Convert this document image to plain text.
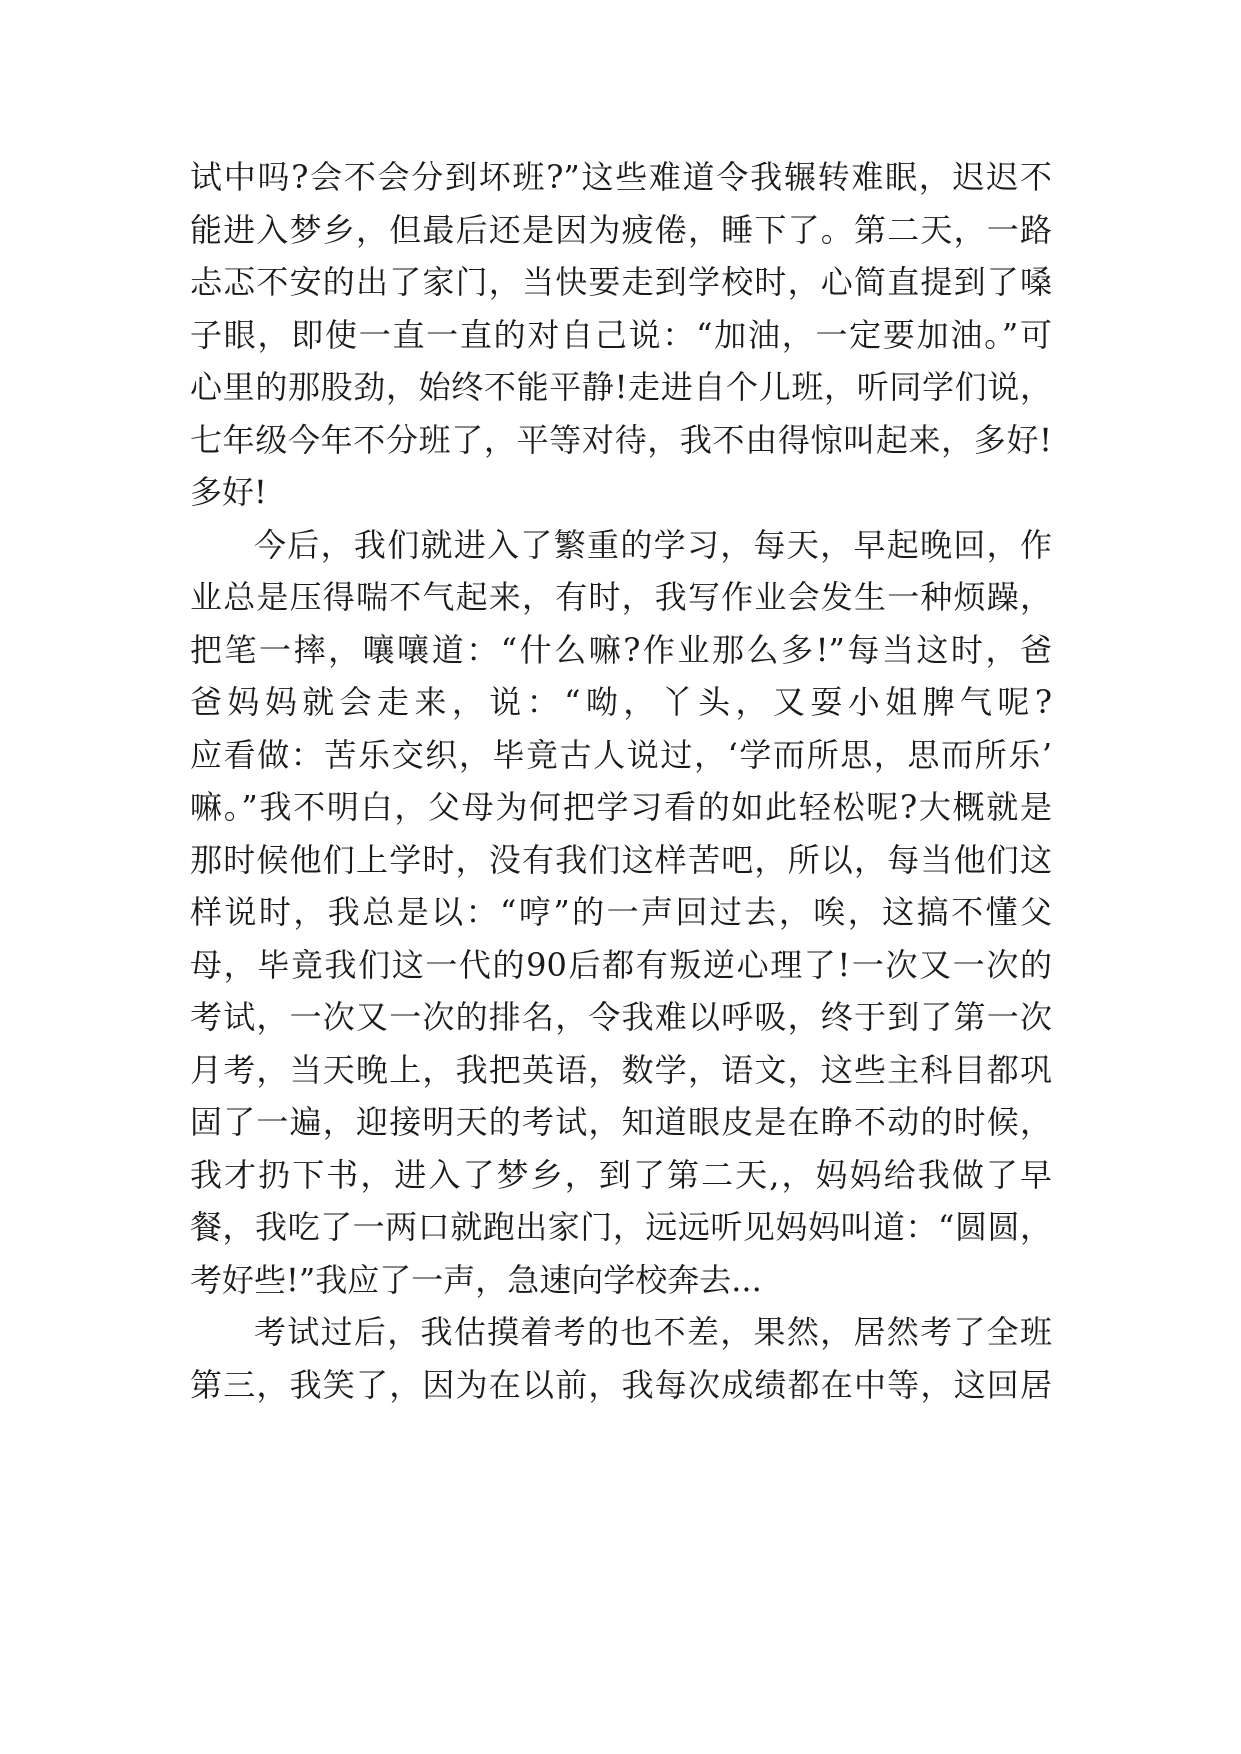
试中吗?会不会分到坏班?”这些难道令我辗转难眠，迟迟不
能进入梦乡，但最后还是因为疲倦，睡下了。第二天，一路
忐忑不安的出了家门，当快要走到学校时，心简直提到了嗓
子眼，即使一直一直的对自己说：“加油，一定要加油。”可
心里的那股劲，始终不能平静!走进自个儿班，听同学们说，
七年级今年不分班了，平等对待，我不由得惊叫起来，多好!
多好!
今后，我们就进入了繁重的学习，每天，早起晚回，作
业总是压得喘不气起来，有时，我写作业会发生一种烦躁，
把笔一摔，嚷嚷道：“什么嘛?作业那么多!”每当这时，爸
爸妈妈就会走来，说：“呦，丫头，又耍小姐脾气呢?
应看做：苦乐交织，毕竟古人说过，‘学而所思，思而所乐’
嘛。”我不明白，父母为何把学习看的如此轻松呢?大概就是
那时候他们上学时，没有我们这样苦吧，所以，每当他们这
样说时，我总是以：“哼”的一声回过去，唉，这搞不懂父
母，毕竟我们这一代的90后都有叛逆心理了!一次又一次的
考试，一次又一次的排名，令我难以呼吸，终于到了第一次
月考，当天晚上，我把英语，数学，语文，这些主科目都巩
固了一遍，迎接明天的考试，知道眼皮是在睁不动的时候，
我才扔下书，进入了梦乡，到了第二天,，妈妈给我做了早
餐，我吃了一两口就跑出家门，远远听见妈妈叫道：“圆圆，
考好些!”我应了一声，急速向学校奔去...
考试过后，我估摸着考的也不差，果然，居然考了全班
第三，我笑了，因为在以前，我每次成绩都在中等，这回居
